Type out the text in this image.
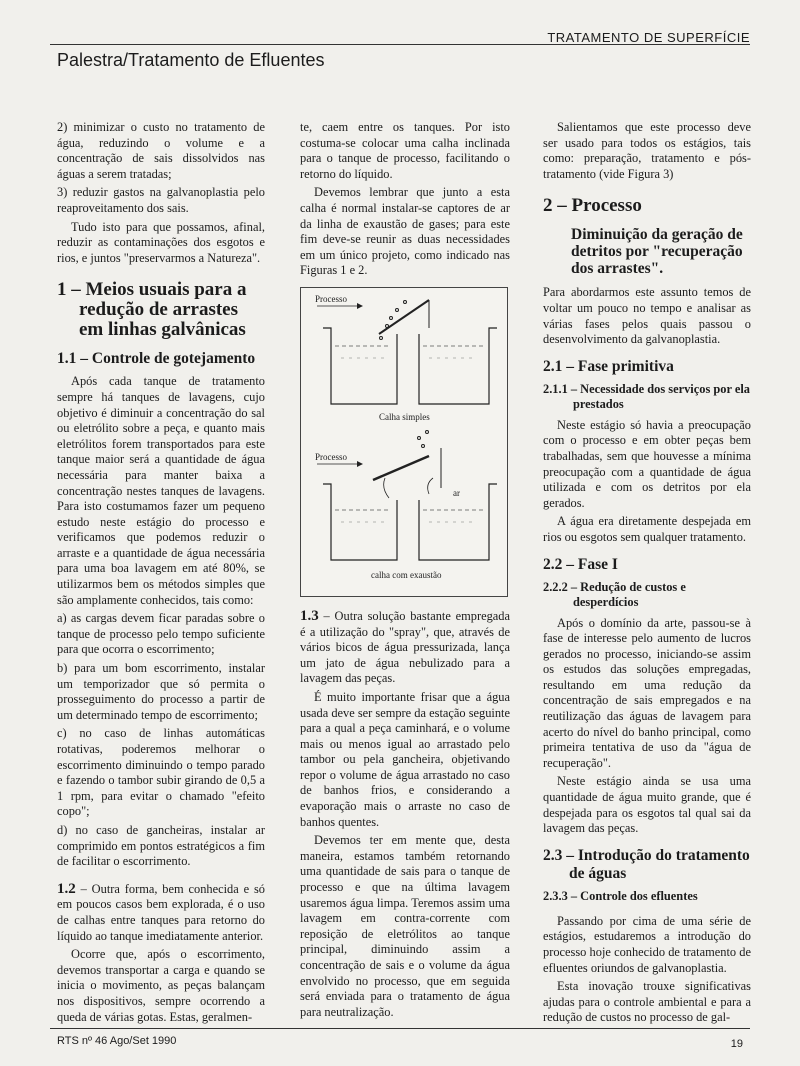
TRATAMENTO DE SUPERFÍCIE
Palestra/Tratamento de Efluentes

2) minimizar o custo no tratamento de água, reduzindo o volume e a concentração de sais dissolvidos nas águas a serem tratadas;

3) reduzir gastos na galvanoplastia pelo reaproveitamento dos sais.

Tudo isto para que possamos, afinal, reduzir as contaminações dos esgotos e rios, e juntos "preservarmos a Natureza".

1 – Meios usuais para a redução de arrastes em linhas galvânicas
1.1 – Controle de gotejamento

Após cada tanque de tratamento sempre há tanques de lavagens, cujo objetivo é diminuir a concentração do sal ou eletrólito sobre a peça, e quanto mais eletrólitos forem transportados para este tanque maior será a quantidade de água necessária para manter baixa a concentração nestes tanques de lavagens. Para isto costumamos fazer um pequeno estudo neste estágio do processo e verificamos que podemos reduzir o arraste e a quantidade de água necessária para uma boa lavagem em até 80%, se utilizarmos bem os métodos simples que são amplamente conhecidos, tais como:

a) as cargas devem ficar paradas sobre o tanque de processo pelo tempo suficiente para que ocorra o escorrimento;

b) para um bom escorrimento, instalar um temporizador que só permita o prosseguimento do processo a partir de um determinado tempo de escorrimento;

c) no caso de linhas automáticas rotativas, poderemos melhorar o escorrimento diminuindo o tempo parado e fazendo o tambor subir girando de 0,5 a 1 rpm, para evitar o chamado "efeito copo";

d) no caso de gancheiras, instalar ar comprimido em pontos estratégicos a fim de facilitar o escorrimento.

1.2 – Outra forma, bem conhecida e só em poucos casos bem explorada, é o uso de calhas entre tanques para retorno do líquido ao tanque imediatamente anterior.

Ocorre que, após o escorrimento, devemos transportar a carga e quando se inicia o movimento, as peças balançam nos dispositivos, sempre ocorrendo a queda de várias gotas. Estas, geralmen-

te, caem entre os tanques. Por isto costuma-se colocar uma calha inclinada para o tanque de processo, facilitando o retorno do líquido.

Devemos lembrar que junto a esta calha é normal instalar-se captores de ar da linha de exaustão de gases; para este fim deve-se reunir as duas necessidades em um único projeto, como indicado nas Figuras 1 e 2.

Processo
Calha simples
Processo
ar
calha com exaustão

1.3 – Outra solução bastante empregada é a utilização do "spray", que, através de vários bicos de água pressurizada, lança um jato de água nebulizado para a lavagem das peças.

É muito importante frisar que a água usada deve ser sempre da estação seguinte para a qual a peça caminhará, e o volume mais ou menos igual ao arrastado pelo tambor ou pela gancheira, objetivando repor o volume de água arrastado no caso de banhos frios, e considerando a evaporação mais o arraste no caso de banhos quentes.

Devemos ter em mente que, desta maneira, estamos também retornando uma quantidade de sais para o tanque de processo e que na última lavagem usaremos água limpa. Teremos assim uma lavagem em contra-corrente com reposição de eletrólitos ao tanque principal, diminuindo assim a concentração de sais e o volume da água envolvido no processo, que em seguida será enviada para o tratamento de água para neutralização.

Salientamos que este processo deve ser usado para todos os estágios, tais como: preparação, tratamento e pós-tratamento (vide Figura 3)

2 – Processo
Diminuição da geração de detritos por "recuperação dos arrastes".

Para abordarmos este assunto temos de voltar um pouco no tempo e analisar as várias fases pelos quais passou o desenvolvimento da galvanoplastia.

2.1 – Fase primitiva
2.1.1 – Necessidade dos serviços por ela prestados

Neste estágio só havia a preocupação com o processo e em obter peças bem trabalhadas, sem que houvesse a mínima preocupação com a quantidade de água utilizada e com os detritos por ela gerados.

A água era diretamente despejada em rios ou esgotos sem qualquer tratamento.

2.2 – Fase I
2.2.2 – Redução de custos e desperdícios

Após o domínio da arte, passou-se à fase de interesse pelo aumento de lucros gerados no processo, iniciando-se assim os estudos das soluções empregadas, resultando em uma redução da concentração de sais empregados e na reutilização das águas de lavagem para acerto do nível do banho principal, como primeira tentativa de uso da "água de recuperação".

Neste estágio ainda se usa uma quantidade de água muito grande, que é despejada para os esgotos tal qual sai da lavagem das peças.

2.3 – Introdução do tratamento de águas
2.3.3 – Controle dos efluentes

Passando por cima de uma série de estágios, estudaremos a introdução do processo hoje conhecido de tratamento de efluentes oriundos de galvanoplastia.

Esta inovação trouxe significativas ajudas para o controle ambiental e para a redução de custos no processo de gal-

RTS nº 46 Ago/Set 1990	19
